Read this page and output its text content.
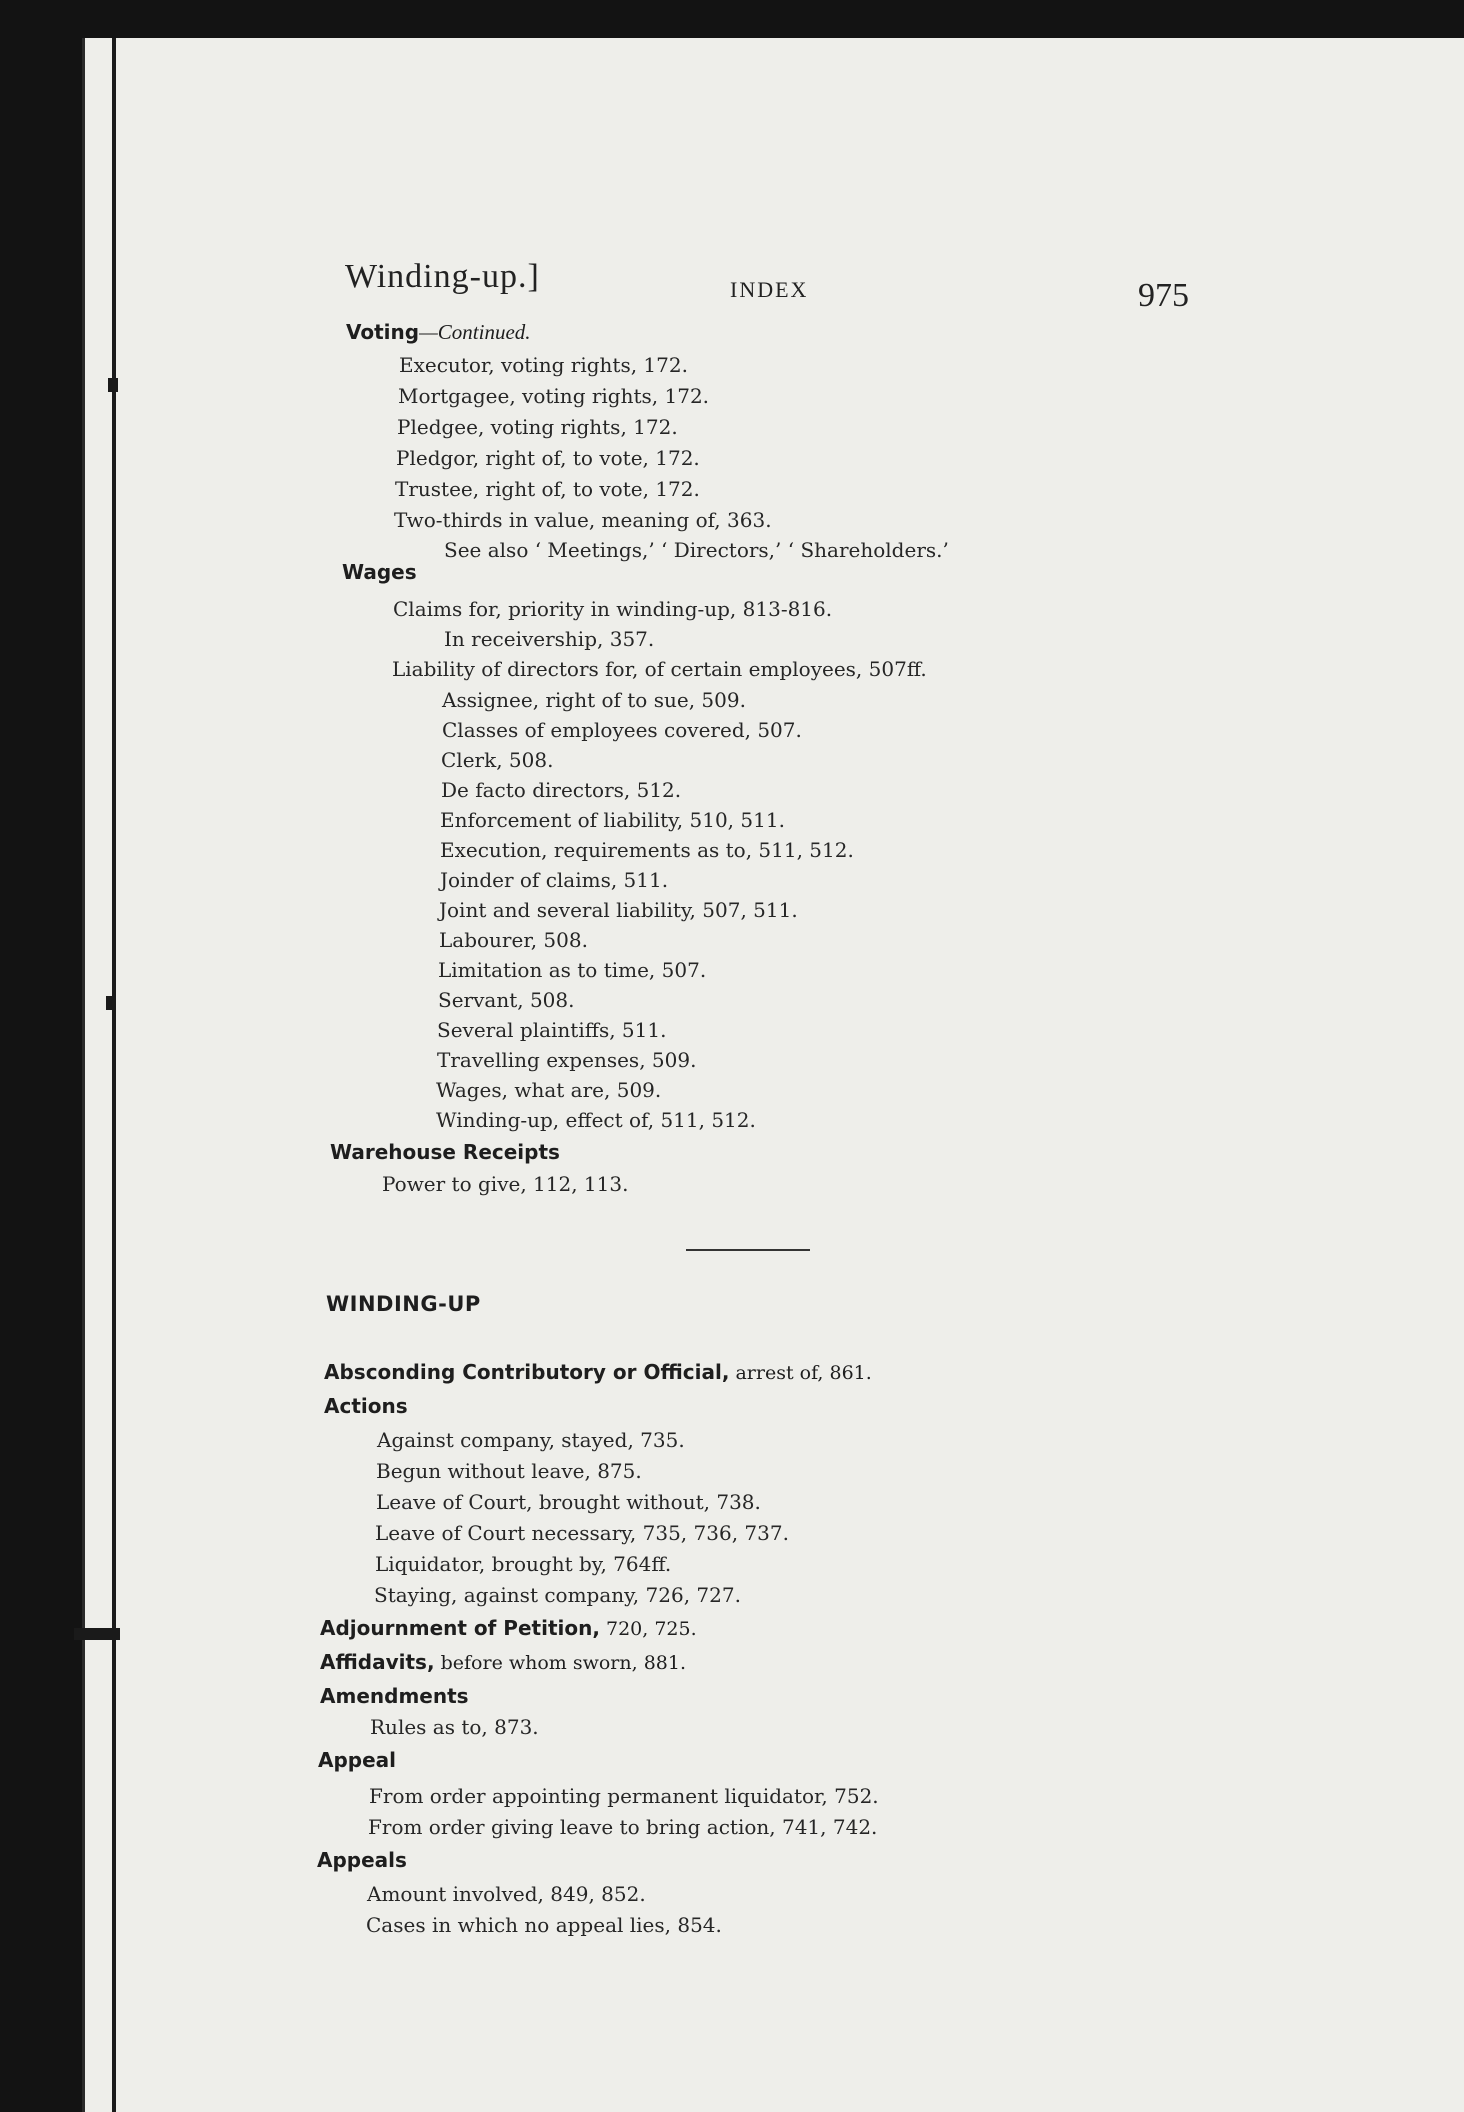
Winding-up.]	INDEX	975
Voting—Continued.
Executor, voting rights, 172.
Mortgagee, voting rights, 172.
Pledgee, voting rights, 172.
Pledgor, right of, to vote, 172.
Trustee, right of, to vote, 172.
Two-thirds in value, meaning of, 363.
See also ‘ Meetings,’ ‘ Directors,’ ‘ Shareholders.’
Wages
Claims for, priority in winding-up, 813-816.
In receivership, 357.
Liability of directors for, of certain employees, 507ff.
Assignee, right of to sue, 509.
Classes of employees covered, 507.
Clerk, 508.
De facto directors, 512.
Enforcement of liability, 510, 511.
Execution, requirements as to, 511, 512.
Joinder of claims, 511.
Joint and several liability, 507, 511.
Labourer, 508.
Limitation as to time, 507.
Servant, 508.
Several plaintiffs, 511.
Travelling expenses, 509.
Wages, what are, 509.
Winding-up, effect of, 511, 512.
Warehouse Receipts
Power to give, 112, 113.
WINDING-UP
Absconding Contributory or Official, arrest of, 861.
Actions
Against company, stayed, 735.
Begun without leave, 875.
Leave of Court, brought without, 738.
Leave of Court necessary, 735, 736, 737.
Liquidator, brought by, 764ff.
Staying, against company, 726, 727.
Adjournment of Petition, 720, 725.
Affidavits, before whom sworn, 881.
Amendments
Rules as to, 873.
Appeal
From order appointing permanent liquidator, 752.
From order giving leave to bring action, 741, 742.
Appeals
Amount involved, 849, 852.
Cases in which no appeal lies, 854.
